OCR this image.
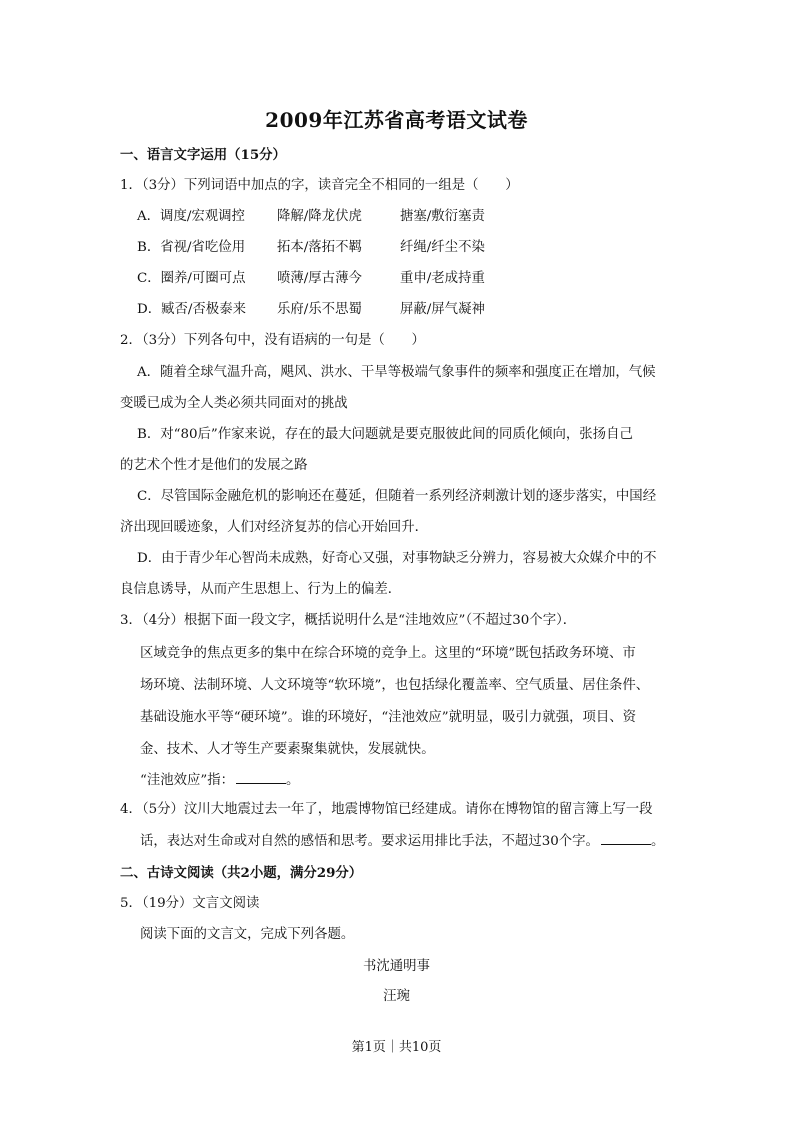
2009年江苏省高考语文试卷
一、语言文字运用（15分）
1．（3分）下列词语中加点的字，读音完全不相同的一组是（　　）
A．调度/宏观调控 降解/降龙伏虎	搪塞/敷衍塞责
B．省视/省吃俭用 拓本/落拓不羁	纤绳/纤尘不染
C．圈养/可圈可点 喷薄/厚古薄今	重申/老成持重
D．臧否/否极泰来 乐府/乐不思蜀	屏蔽/屏气凝神
2．（3分）下列各句中，没有语病的一句是（　　）
A．随着全球气温升高，飓风、洪水、干旱等极端气象事件的频率和强度正在增加，气候
变暖已成为全人类必须共同面对的挑战
B．对“80后”作家来说，存在的最大问题就是要克服彼此间的同质化倾向，张扬自己
的艺术个性才是他们的发展之路
C．尽管国际金融危机的影响还在蔓延，但随着一系列经济刺激计划的逐步落实，中国经
济出现回暖迹象，人们对经济复苏的信心开始回升．
D．由于青少年心智尚未成熟，好奇心又强，对事物缺乏分辨力，容易被大众媒介中的不
良信息诱导，从而产生思想上、行为上的偏差．
3．（4分）根据下面一段文字，概括说明什么是“洼地效应”（不超过30个字）．
区域竞争的焦点更多的集中在综合环境的竞争上。这里的“环境”既包括政务环境、市
场环境、法制环境、人文环境等“软环境”，也包括绿化覆盖率、空气质量、居住条件、
基础设施水平等“硬环境”。谁的环境好，“洼池效应”就明显，吸引力就强，项目、资
金、技术、人才等生产要素聚集就快，发展就快。
“洼池效应”指：	。
4．（5分）汶川大地震过去一年了，地震博物馆已经建成。请你在博物馆的留言簿上写一段
话，表达对生命或对自然的感悟和思考。要求运用排比手法，不超过30个字。	。
二、古诗文阅读（共2小题，满分29分）
5．（19分）文言文阅读
阅读下面的文言文，完成下列各题。
书沈通明事
汪琬
第1页｜共10页
